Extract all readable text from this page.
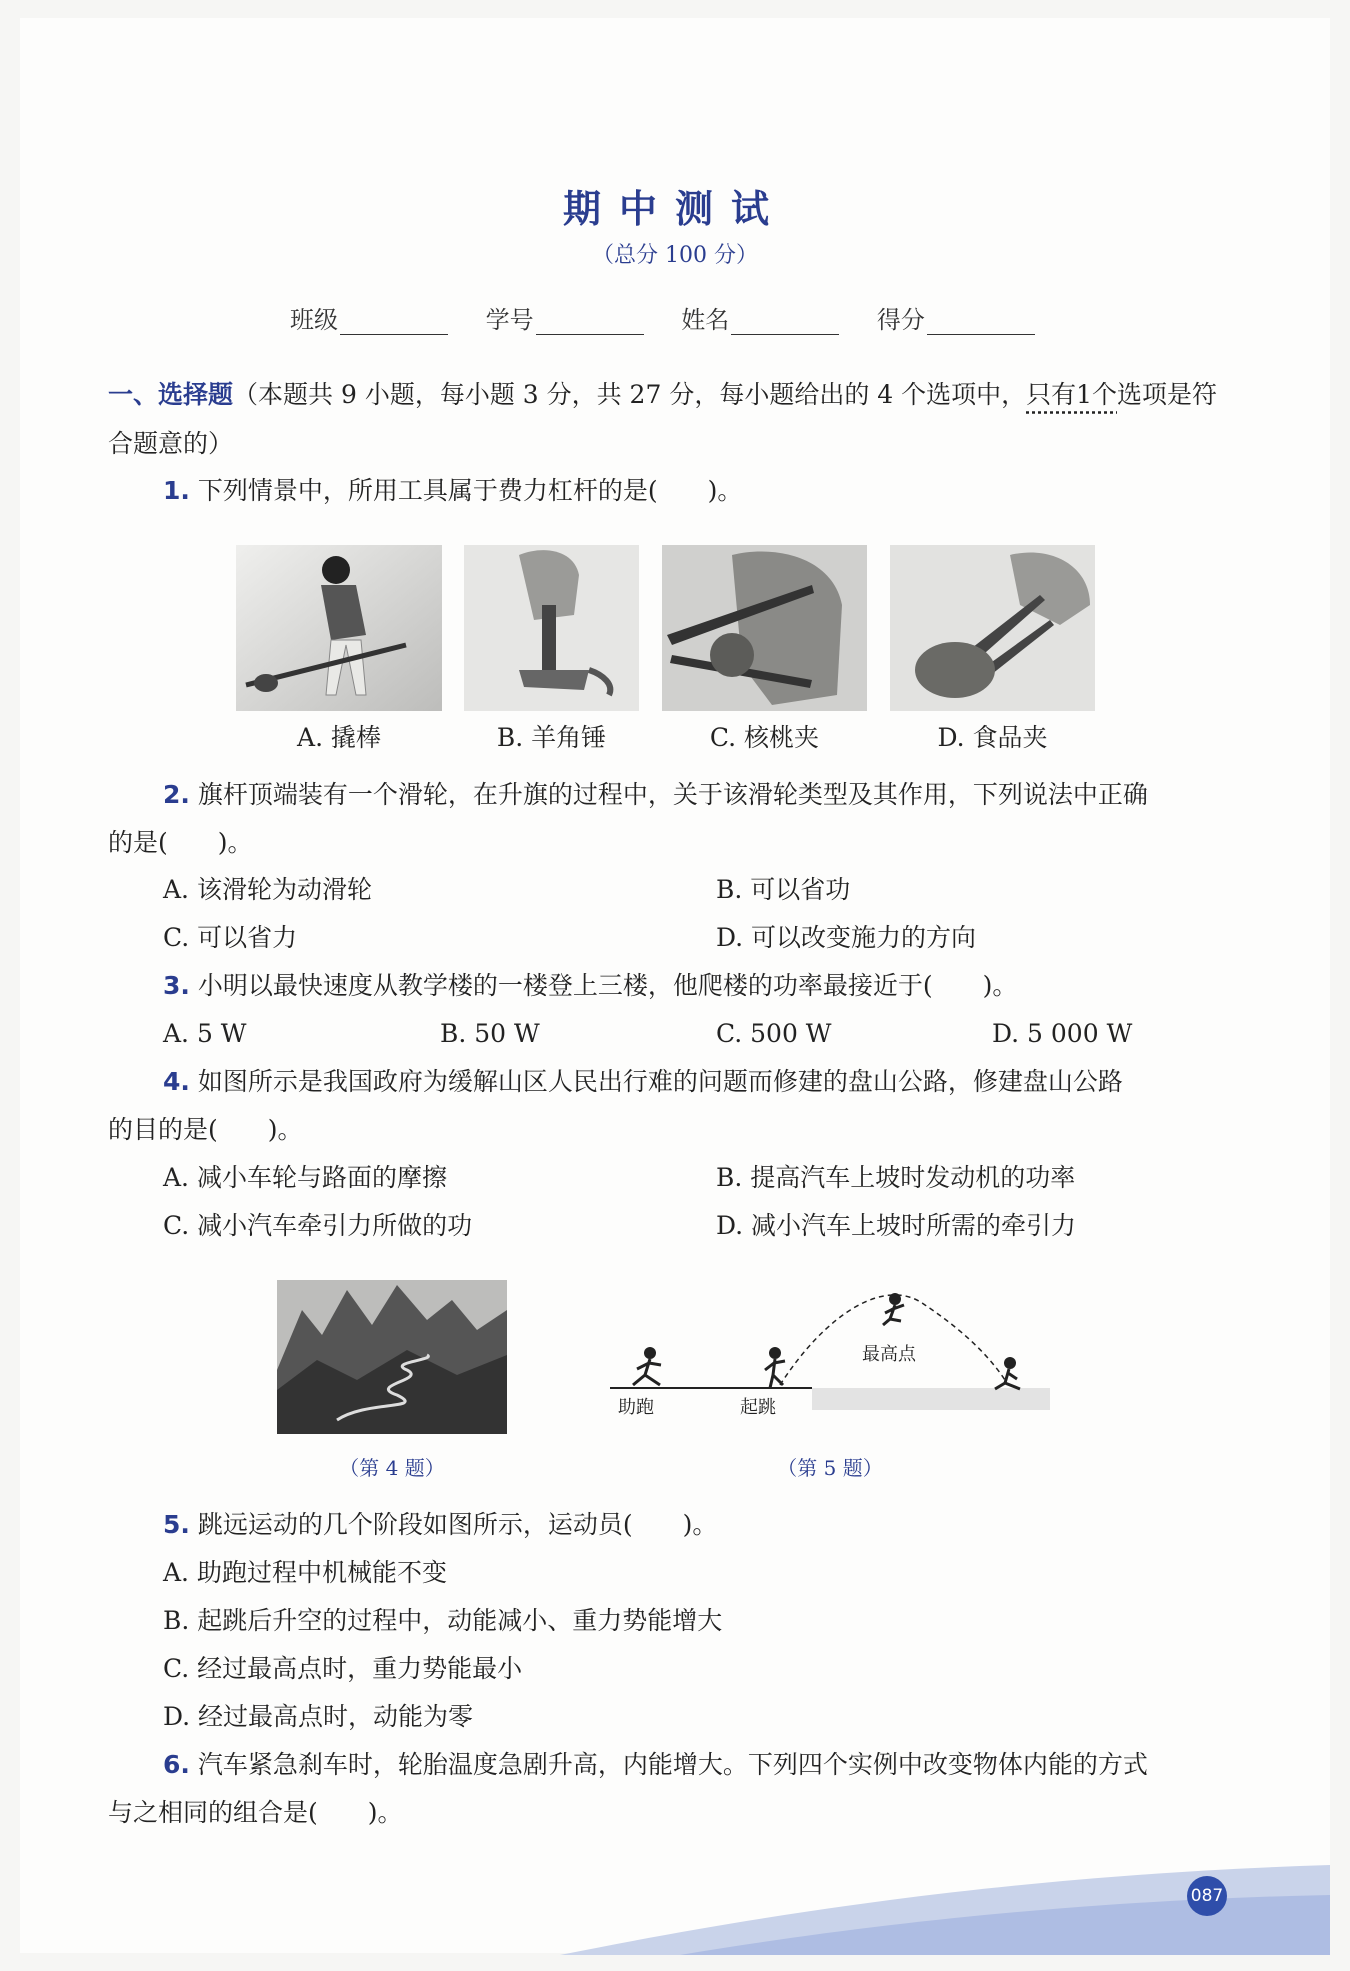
期中测试
（总分 100 分）
班级	学号	姓名	得分
一、选择题（本题共 9 小题，每小题 3 分，共 27 分，每小题给出的 4 个选项中，只有1个选项是符
合题意的）
1. 下列情景中，所用工具属于费力杠杆的是(　　)。
A. 撬棒	B. 羊角锤	C. 核桃夹	D. 食品夹
2. 旗杆顶端装有一个滑轮，在升旗的过程中，关于该滑轮类型及其作用，下列说法中正确
的是(　　)。
A. 该滑轮为动滑轮	B. 可以省功
C. 可以省力	D. 可以改变施力的方向
3. 小明以最快速度从教学楼的一楼登上三楼，他爬楼的功率最接近于(　　)。
A. 5 W	B. 50 W	C. 500 W	D. 5 000 W
4. 如图所示是我国政府为缓解山区人民出行难的问题而修建的盘山公路，修建盘山公路
的目的是(　　)。
A. 减小车轮与路面的摩擦	B. 提高汽车上坡时发动机的功率
C. 减小汽车牵引力所做的功	D. 减小汽车上坡时所需的牵引力
（第 4 题）
助跑	起跳
最高点
（第 5 题）
5. 跳远运动的几个阶段如图所示，运动员(　　)。
A. 助跑过程中机械能不变
B. 起跳后升空的过程中，动能减小、重力势能增大
C. 经过最高点时，重力势能最小
D. 经过最高点时，动能为零
6. 汽车紧急刹车时，轮胎温度急剧升高，内能增大。下列四个实例中改变物体内能的方式
与之相同的组合是(　　)。
087
